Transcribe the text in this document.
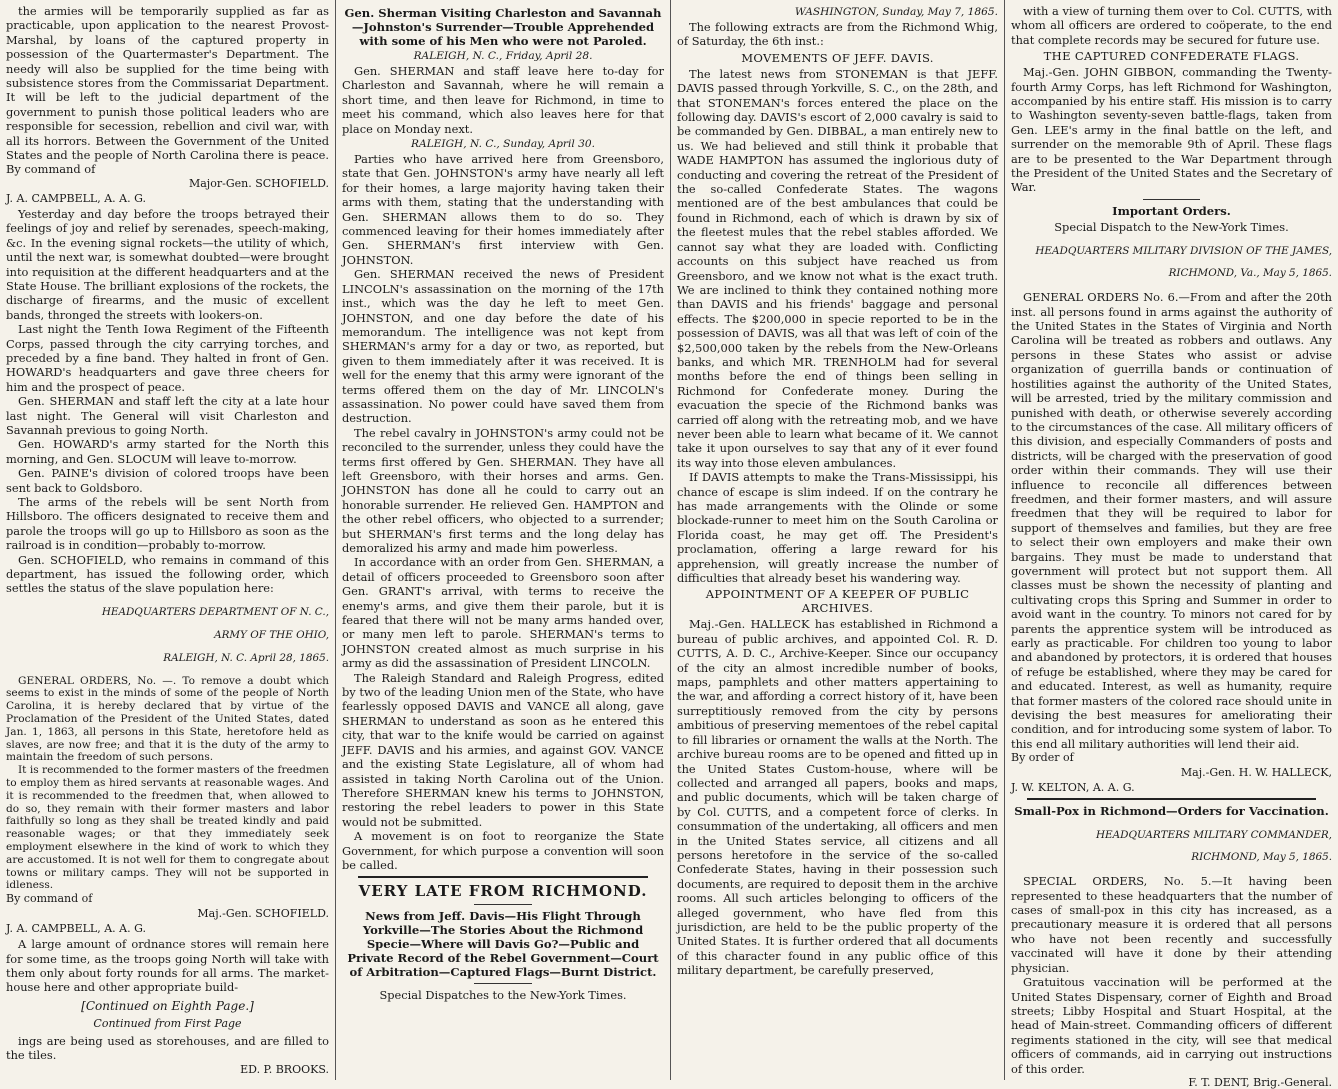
the armies will be temporarily supplied as far as practicable, upon application to the nearest Provost-Marshal, by loans of the captured property in possession of the Quartermaster's Department. The needy will also be supplied for the time being with subsistence stores from the Commissariat Department. It will be left to the judicial department of the government to punish those political leaders who are responsible for secession, rebellion and civil war, with all its horrors. Between the Government of the United States and the people of North Carolina there is peace. By command of

Major-Gen. SCHOFIELD.

J. A. CAMPBELL, A. A. G.

Yesterday and day before the troops betrayed their feelings of joy and relief by serenades, speech-making, &c. In the evening signal rockets—the utility of which, until the next war, is somewhat doubted—were brought into requisition at the different headquarters and at the State House. The brilliant explosions of the rockets, the discharge of firearms, and the music of excellent bands, thronged the streets with lookers-on.

Last night the Tenth Iowa Regiment of the Fifteenth Corps, passed through the city carrying torches, and preceded by a fine band. They halted in front of Gen. HOWARD's headquarters and gave three cheers for him and the prospect of peace.

Gen. SHERMAN and staff left the city at a late hour last night. The General will visit Charleston and Savannah previous to going North.

Gen. HOWARD's army started for the North this morning, and Gen. SLOCUM will leave to-morrow.

Gen. PAINE's division of colored troops have been sent back to Goldsboro.

The arms of the rebels will be sent North from Hillsboro. The officers designated to receive them and parole the troops will go up to Hillsboro as soon as the railroad is in condition—probably to-morrow.

Gen. SCHOFIELD, who remains in command of this department, has issued the following order, which settles the status of the slave population here:

HEADQUARTERS DEPARTMENT OF N. C.,

ARMY OF THE OHIO,

RALEIGH, N. C. April 28, 1865.

GENERAL ORDERS, No. —. To remove a doubt which seems to exist in the minds of some of the people of North Carolina, it is hereby declared that by virtue of the Proclamation of the President of the United States, dated Jan. 1, 1863, all persons in this State, heretofore held as slaves, are now free; and that it is the duty of the army to maintain the freedom of such persons.

It is recommended to the former masters of the freedmen to employ them as hired servants at reasonable wages. And it is recommended to the freedmen that, when allowed to do so, they remain with their former masters and labor faithfully so long as they shall be treated kindly and paid reasonable wages; or that they immediately seek employment elsewhere in the kind of work to which they are accustomed. It is not well for them to congregate about towns or military camps. They will not be supported in idleness.

By command of

Maj.-Gen. SCHOFIELD.

J. A. CAMPBELL, A. A. G.

A large amount of ordnance stores will remain here for some time, as the troops going North will take with them only about forty rounds for all arms. The market-house here and other appropriate build-

[Continued on Eighth Page.]

Continued from First Page

ings are being used as storehouses, and are filled to the tiles.

ED. P. BROOKS.

Gen. Sherman Visiting Charleston and Savannah—Johnston's Surrender—Trouble Apprehended with some of his Men who were not Paroled.

RALEIGH, N. C., Friday, April 28.

Gen. SHERMAN and staff leave here to-day for Charleston and Savannah, where he will remain a short time, and then leave for Richmond, in time to meet his command, which also leaves here for that place on Monday next.

RALEIGH, N. C., Sunday, April 30.

Parties who have arrived here from Greensboro, state that Gen. JOHNSTON's army have nearly all left for their homes, a large majority having taken their arms with them, stating that the understanding with Gen. SHERMAN allows them to do so. They commenced leaving for their homes immediately after Gen. SHERMAN's first interview with Gen. JOHNSTON.

Gen. SHERMAN received the news of President LINCOLN's assassination on the morning of the 17th inst., which was the day he left to meet Gen. JOHNSTON, and one day before the date of his memorandum. The intelligence was not kept from SHERMAN's army for a day or two, as reported, but given to them immediately after it was received. It is well for the enemy that this army were ignorant of the terms offered them on the day of Mr. LINCOLN's assassination. No power could have saved them from destruction.

The rebel cavalry in JOHNSTON's army could not be reconciled to the surrender, unless they could have the terms first offered by Gen. SHERMAN. They have all left Greensboro, with their horses and arms. Gen. JOHNSTON has done all he could to carry out an honorable surrender. He relieved Gen. HAMPTON and the other rebel officers, who objected to a surrender; but SHERMAN's first terms and the long delay has demoralized his army and made him powerless.

In accordance with an order from Gen. SHERMAN, a detail of officers proceeded to Greensboro soon after Gen. GRANT's arrival, with terms to receive the enemy's arms, and give them their parole, but it is feared that there will not be many arms handed over, or many men left to parole. SHERMAN's terms to JOHNSTON created almost as much surprise in his army as did the assassination of President LINCOLN.

The Raleigh Standard and Raleigh Progress, edited by two of the leading Union men of the State, who have fearlessly opposed DAVIS and VANCE all along, gave SHERMAN to understand as soon as he entered this city, that war to the knife would be carried on against JEFF. DAVIS and his armies, and against GOV. VANCE and the existing State Legislature, all of whom had assisted in taking North Carolina out of the Union. Therefore SHERMAN knew his terms to JOHNSTON, restoring the rebel leaders to power in this State would not be submitted.

A movement is on foot to reorganize the State Government, for which purpose a convention will soon be called.

VERY LATE FROM RICHMOND.

News from Jeff. Davis—His Flight Through Yorkville—The Stories About the Richmond Specie—Where will Davis Go?—Public and Private Record of the Rebel Government—Court of Arbitration—Captured Flags—Burnt District.

Special Dispatches to the New-York Times.

WASHINGTON, Sunday, May 7, 1865.

The following extracts are from the Richmond Whig, of Saturday, the 6th inst.:

MOVEMENTS OF JEFF. DAVIS.

The latest news from STONEMAN is that JEFF. DAVIS passed through Yorkville, S. C., on the 28th, and that STONEMAN's forces entered the place on the following day. DAVIS's escort of 2,000 cavalry is said to be commanded by Gen. DIBBAL, a man entirely new to us. We had believed and still think it probable that WADE HAMPTON has assumed the inglorious duty of conducting and covering the retreat of the President of the so-called Confederate States. The wagons mentioned are of the best ambulances that could be found in Richmond, each of which is drawn by six of the fleetest mules that the rebel stables afforded. We cannot say what they are loaded with. Conflicting accounts on this subject have reached us from Greensboro, and we know not what is the exact truth. We are inclined to think they contained nothing more than DAVIS and his friends' baggage and personal effects. The $200,000 in specie reported to be in the possession of DAVIS, was all that was left of coin of the $2,500,000 taken by the rebels from the New-Orleans banks, and which MR. TRENHOLM had for several months before the end of things been selling in Richmond for Confederate money. During the evacuation the specie of the Richmond banks was carried off along with the retreating mob, and we have never been able to learn what became of it. We cannot take it upon ourselves to say that any of it ever found its way into those eleven ambulances.

If DAVIS attempts to make the Trans-Mississippi, his chance of escape is slim indeed. If on the contrary he has made arrangements with the Olinde or some blockade-runner to meet him on the South Carolina or Florida coast, he may get off. The President's proclamation, offering a large reward for his apprehension, will greatly increase the number of difficulties that already beset his wandering way.

APPOINTMENT OF A KEEPER OF PUBLIC ARCHIVES.

Maj.-Gen. HALLECK has established in Richmond a bureau of public archives, and appointed Col. R. D. CUTTS, A. D. C., Archive-Keeper. Since our occupancy of the city an almost incredible number of books, maps, pamphlets and other matters appertaining to the war, and affording a correct history of it, have been surreptitiously removed from the city by persons ambitious of preserving mementoes of the rebel capital to fill libraries or ornament the walls at the North. The archive bureau rooms are to be opened and fitted up in the United States Custom-house, where will be collected and arranged all papers, books and maps, and public documents, which will be taken charge of by Col. CUTTS, and a competent force of clerks. In consummation of the undertaking, all officers and men in the United States service, all citizens and all persons heretofore in the service of the so-called Confederate States, having in their possession such documents, are required to deposit them in the archive rooms. All such articles belonging to officers of the alleged government, who have fled from this jurisdiction, are held to be the public property of the United States. It is further ordered that all documents of this character found in any public office of this military department, be carefully preserved,

with a view of turning them over to Col. CUTTS, with whom all officers are ordered to coöperate, to the end that complete records may be secured for future use.

THE CAPTURED CONFEDERATE FLAGS.

Maj.-Gen. JOHN GIBBON, commanding the Twenty-fourth Army Corps, has left Richmond for Washington, accompanied by his entire staff. His mission is to carry to Washington seventy-seven battle-flags, taken from Gen. LEE's army in the final battle on the left, and surrender on the memorable 9th of April. These flags are to be presented to the War Department through the President of the United States and the Secretary of War.

Important Orders.

Special Dispatch to the New-York Times.

HEADQUARTERS MILITARY DIVISION OF THE JAMES,

RICHMOND, Va., May 5, 1865.

GENERAL ORDERS No. 6.—From and after the 20th inst. all persons found in arms against the authority of the United States in the States of Virginia and North Carolina will be treated as robbers and outlaws. Any persons in these States who assist or advise organization of guerrilla bands or continuation of hostilities against the authority of the United States, will be arrested, tried by the military commission and punished with death, or otherwise severely according to the circumstances of the case. All military officers of this division, and especially Commanders of posts and districts, will be charged with the preservation of good order within their commands. They will use their influence to reconcile all differences between freedmen, and their former masters, and will assure freedmen that they will be required to labor for support of themselves and families, but they are free to select their own employers and make their own bargains. They must be made to understand that government will protect but not support them. All classes must be shown the necessity of planting and cultivating crops this Spring and Summer in order to avoid want in the country. To minors not cared for by parents the apprentice system will be introduced as early as practicable. For children too young to labor and abandoned by protectors, it is ordered that houses of refuge be established, where they may be cared for and educated. Interest, as well as humanity, require that former masters of the colored race should unite in devising the best measures for ameliorating their condition, and for introducing some system of labor. To this end all military authorities will lend their aid.

By order of

Maj.-Gen. H. W. HALLECK,

J. W. KELTON, A. A. G.

Small-Pox in Richmond—Orders for Vaccination.

HEADQUARTERS MILITARY COMMANDER,

RICHMOND, May 5, 1865.

SPECIAL ORDERS, No. 5.—It having been represented to these headquarters that the number of cases of small-pox in this city has increased, as a precautionary measure it is ordered that all persons who have not been recently and successfully vaccinated will have it done by their attending physician.

Gratuitous vaccination will be performed at the United States Dispensary, corner of Eighth and Broad streets; Libby Hospital and Stuart Hospital, at the head of Main-street. Commanding officers of different regiments stationed in the city, will see that medical officers of commands, aid in carrying out instructions of this order.

F. T. DENT, Brig.-General.
